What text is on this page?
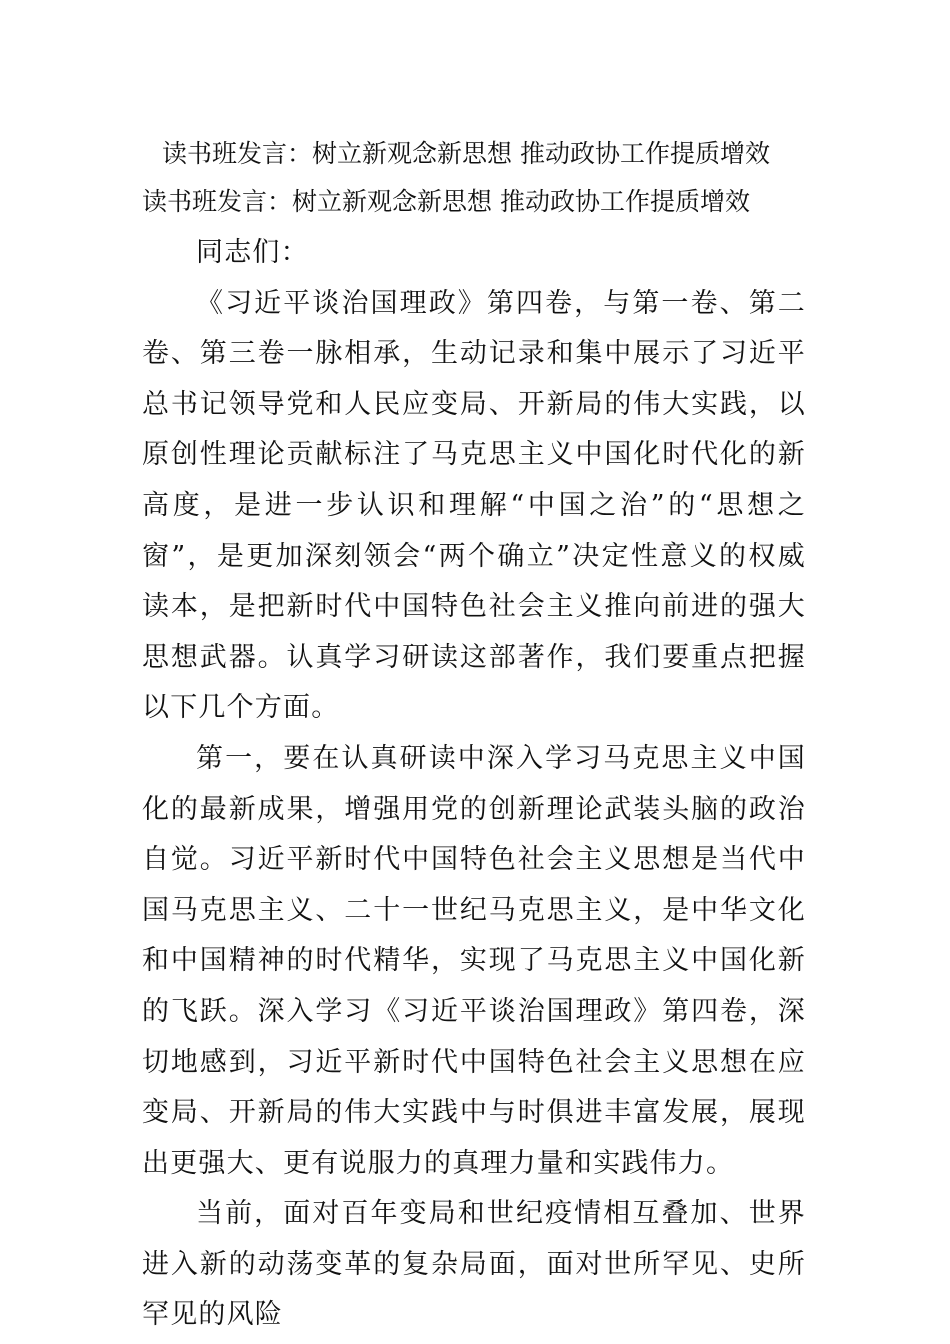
读书班发言：树立新观念新思想 推动政协工作提质增效
读书班发言：树立新观念新思想 推动政协工作提质增效

同志们：

《习近平谈治国理政》第四卷，与第一卷、第二卷、第三卷一脉相承，生动记录和集中展示了习近平总书记领导党和人民应变局、开新局的伟大实践，以原创性理论贡献标注了马克思主义中国化时代化的新高度，是进一步认识和理解“中国之治”的“思想之窗”，是更加深刻领会“两个确立”决定性意义的权威读本，是把新时代中国特色社会主义推向前进的强大思想武器。认真学习研读这部著作，我们要重点把握以下几个方面。

第一，要在认真研读中深入学习马克思主义中国化的最新成果，增强用党的创新理论武装头脑的政治自觉。习近平新时代中国特色社会主义思想是当代中国马克思主义、二十一世纪马克思主义，是中华文化和中国精神的时代精华，实现了马克思主义中国化新的飞跃。深入学习《习近平谈治国理政》第四卷，深切地感到，习近平新时代中国特色社会主义思想在应变局、开新局的伟大实践中与时俱进丰富发展，展现出更强大、更有说服力的真理力量和实践伟力。

当前，面对百年变局和世纪疫情相互叠加、世界进入新的动荡变革的复杂局面，面对世所罕见、史所罕见的风险
